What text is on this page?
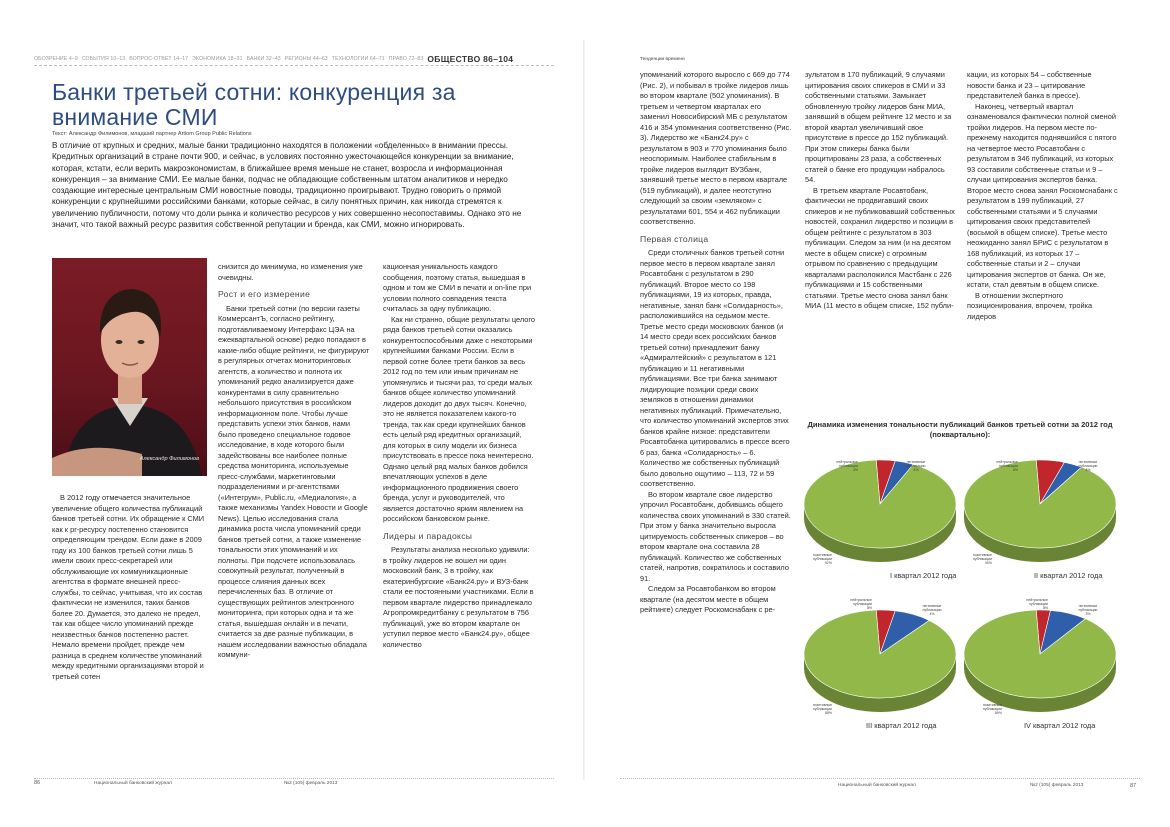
ОБОЗРЕНИЕ 4–9 СОБЫТИЯ 10–13 ВОПРОС-ОТВЕТ 14–17 ЭКОНОМИКА 18–31 БАНКИ 32–43 РЕГИОНЫ 44–63 ТЕХНОЛОГИИ 64–71 ПРАВО 72–83 ОБЩЕСТВО 86–104
Банки третьей сотни: конкуренция за внимание СМИ
Текст: Александр Филимонов, младший партнер Artiom Group Public Relations
В отличие от крупных и средних, малые банки традиционно находятся в положении «обделенных» в внимании прессы. Кредитных организаций в стране почти 900, и сейчас, в условиях постоянно ужесточающейся конкуренции за внимание, которая, кстати, если верить макроэкономистам, в ближайшее время меньше не станет, возросла и информационная конкуренция – за внимание СМИ. Ее малые банки, подчас не обладающие собственным штатом аналитиков и нередко создающие интересные центральным СМИ новостные поводы, традиционно проигрывают. Трудно говорить о прямой конкуренции с крупнейшими российскими банками, которые сейчас, в силу понятных причин, как никогда стремятся к увеличению публичности, потому что доли рынка и количество ресурсов у них совершенно несопоставимы. Однако это не значит, что такой важный ресурс развития собственной репутации и бренда, как СМИ, можно игнорировать.
Александр Филимонов

В 2012 году отмечается значительное увеличение общего количества публикаций банков третьей сотни. Их обращение к СМИ как к pr-ресурсу постепенно становится определяющим трендом. Если даже в 2009 году из 100 банков третьей сотни лишь 5 имели своих пресс-секретарей или обслуживающие их коммуникационные агентства в формате внешней пресс-службы, то сейчас, учитывая, что их состав фактически не изменился, таких банков более 20. Думается, это далеко не предел, так как общее число упоминаний прежде неизвестных банков постепенно растет. Немало времени пройдет, прежде чем разница в среднем количестве упоминаний между кредитными организациями второй и третьей сотен

снизится до минимума, но изменения уже очевидны.

Рост и его измерение

Банки третьей сотни (по версии газеты КоммерсантЪ, согласно рейтингу, подготавливаемому Интерфакс ЦЭА на ежеквартальной основе) редко попадают в какие-либо общие рейтинги, не фигурируют в регулярных отчетах мониторинговых агентств, а количество и полнота их упоминаний редко анализируется даже конкурентами в силу сравнительно небольшого присутствия в российском информационном поле. Чтобы лучше представить успехи этих банков, нами было проведено специальное годовое исследование, в ходе которого были задействованы все наиболее полные средства мониторинга, используемые пресс-службами, маркетинговыми подразделениями и pr-агентствами («Интегрум», Public.ru, «Медиалогия», а также механизмы Yandex Новости и Google News). Целью исследования стала динамика роста числа упоминаний среди банков третьей сотни, а также изменение тональности этих упоминаний и их полноты. При подсчете использовалась совокупный результат, полученный в процессе слияния данных всех перечисленных баз. В отличие от существующих рейтингов электронного мониторинга, при которых одна и та же статья, вышедшая онлайн и в печати, считается за две разные публикации, в нашем исследовании важностью обладала коммуни-

кационная уникальность каждого сообщения, поэтому статья, вышедшая в одном и том же СМИ в печати и on-line при условии полного совпадения текста считалась за одну публикацию.

Как ни странно, общие результаты целого ряда банков третьей сотни оказались конкурентоспособными даже с некоторыми крупнейшими банками России. Если в первой сотне более трети банков за весь 2012 год по тем или иным причинам не упомянулись и тысячи раз, то среди малых банков общее количество упоминаний лидеров доходит до двух тысяч. Конечно, это не является показателем какого-то тренда, так как среди крупнейших банков есть целый ряд кредитных организаций, для которых в силу модели их бизнеса присутствовать в прессе пока неинтересно. Однако целый ряд малых банков добился впечатляющих успехов в деле информационного продвижения своего бренда, услуг и руководителей, что является достаточно ярким явлением на российском банковском рынке.

Лидеры и парадоксы

Результаты анализа несколько удивили: в тройку лидеров не вошел ни один московский банк, 3 в тройку, как екатеринбургские «Банк24.ру» и ВУЗ-банк стали ее постоянными участниками. Если в первом квартале лидерство принадлежало Агропромкредитбанку с результатом в 756 публикаций, уже во втором квартале он уступил первое место «Банк24.ру», общее количество

86	Национальный банковский журнал	№2 (105) февраль 2013
Тенденции времени

упоминаний которого выросло с 669 до 774 (Рис. 2), и побывал в тройке лидеров лишь во втором квартале (502 упоминания). В третьем и четвертом кварталах его заменил Новосибирский МБ с результатом 416 и 354 упоминания соответственно (Рис. 3). Лидерство же «Банк24.ру» с результатом в 903 и 770 упоминания было неоспоримым. Наиболее стабильным в тройке лидеров выглядит ВУЗбанк, занявший третье место в первом квартале (519 публикаций), и далее неотступно следующий за своим «земляком» с результатами 601, 554 и 462 публикации соответственно.

Первая столица

Среди столичных банков третьей сотни первое место в первом квартале занял Росавтобанк с результатом в 290 публикаций. Второе место со 198 публикациями, 19 из которых, правда, негативные, занял банк «Солидарность», расположившийся на седьмом месте. Третье место среди московских банков (и 14 место среди всех российских банков третьей сотни) принадлежит банку «Адмиралтейский» с результатом в 121 публикацию и 11 негативными публикациями. Все три банка занимают лидирующие позиции среди своих земляков в отношении динамики негативных публикаций. Примечательно, что количество упоминаний экспертов этих банков крайне низкое: представители Росавтобанка цитировались в прессе всего 6 раз, банка «Солидарность» – 6. Количество же собственных публикаций было довольно ощутимо – 113, 72 и 59 соответственно.

Во втором квартале свое лидерство упрочил Росавтобанк, добившись общего количества своих упоминаний в 330 статей. При этом у банка значительно выросла цитируемость собственных спикеров – во втором квартале она составила 28 публикаций. Количество же собственных статей, напротив, сократилось и составило 91.

Следом за Росавтобанком во втором квартале (на десятом месте в общем рейтинге) следует Роскомснабанк с ре-

зультатом в 170 публикаций, 9 случаями цитирования своих спикеров в СМИ и 33 собственными статьями. Замыкает обновленную тройку лидеров банк МИА, занявший в общем рейтинге 12 место и за второй квартал увеличивший свое присутствие в прессе до 152 публикаций. При этом спикеры банка были процитированы 23 раза, а собственных статей о банке его продукции набралось 54.

В третьем квартале Росавтобанк, фактически не продвигавший своих спикеров и не публиковавший собственных новостей, сохранил лидерство и позиции в общем рейтинге с результатом в 303 публикации. Следом за ним (и на десятом месте в общем списке) с огромным отрывом по сравнению с предыдущим кварталами расположился Мастбанк с 226 публикациями и 15 собственными статьями. Третье место снова занял банк МИА (11 место в общем списке, 152 публи-

кации, из которых 54 – собственные новости банка и 23 – цитирование представителей банка в прессе).

Наконец, четвертый квартал ознаменовался фактически полной сменой тройки лидеров. На первом месте по-прежнему находится поднявшийся с пятого на четвертое место Росавтобанк с результатом в 346 публикаций, из которых 93 составили собственные статьи и 9 – случаи цитирования экспертов банка. Второе место снова занял Роскомснабанк с результатом в 199 публикаций, 27 собственными статьями и 5 случаями цитирования своих представителей (восьмой в общем списке). Третье место неожиданно занял БРиС с результатом в 168 публикаций, из которых 17 – собственные статьи и 2 – случаи цитирования экспертов от банка. Он же, кстати, стал девятым в общем списке.

В отношении экспертного позиционирования, впрочем, тройка лидеров

Динамика изменения тональности публикаций банков третьей сотни за 2012 год (поквартально):
нейтральные публикации
4%
негативные публикации
4%
позитивные публикации
92%
I квартал 2012 года
нейтральные публикации
6%
негативные публикации
4%
позитивные публикации
90%
II квартал 2012 года
нейтральные публикации
8%
негативные публикации
4%
позитивные публикации
88%
III квартал 2012 года
нейтральные публикации
8%
негативные публикации
3%
позитивные публикации
89%
IV квартал 2012 года
Национальный банковский журнал	№2 (105) февраль 2013	87
